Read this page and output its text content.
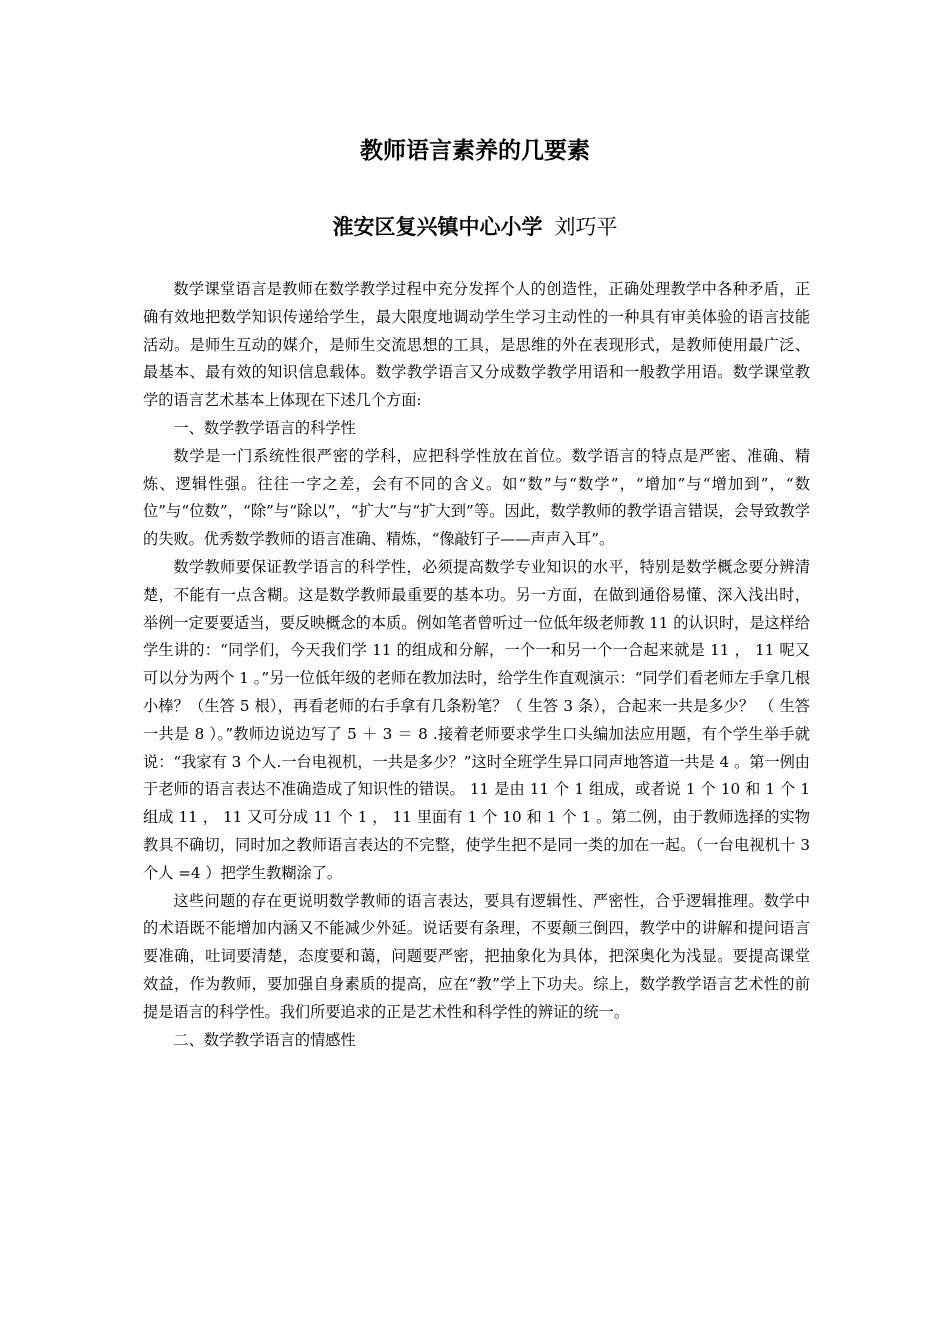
教师语言素养的几要素
淮安区复兴镇中心小学 刘巧平

数学课堂语言是教师在数学教学过程中充分发挥个人的创造性，正确处理教学中各种矛盾，正确有效地把数学知识传递给学生，最大限度地调动学生学习主动性的一种具有审美体验的语言技能活动。是师生互动的媒介，是师生交流思想的工具，是思维的外在表现形式，是教师使用最广泛、最基本、最有效的知识信息载体。数学教学语言又分成数学教学用语和一般教学用语。数学课堂教学的语言艺术基本上体现在下述几个方面:

一、数学教学语言的科学性

数学是一门系统性很严密的学科，应把科学性放在首位。数学语言的特点是严密、准确、精炼、逻辑性强。往往一字之差，会有不同的含义。如“数”与“数学”，“增加”与“增加到”，“数位”与“位数”，“除”与“除以”，“扩大”与“扩大到”等。因此，数学教师的教学语言错误，会导致教学的失败。优秀数学教师的语言准确、精炼，“像敲钉子——声声入耳”。

数学教师要保证教学语言的科学性，必须提高数学专业知识的水平，特别是数学概念要分辨清楚，不能有一点含糊。这是数学教师最重要的基本功。另一方面，在做到通俗易懂、深入浅出时，举例一定要要适当，要反映概念的本质。例如笔者曾听过一位低年级老师教 11 的认识时，是这样给学生讲的：“同学们，今天我们学 11 的组成和分解，一个一和另一个一合起来就是 11 ， 11 呢又可以分为两个 1 。”另一位低年级的老师在教加法时，给学生作直观演示：“同学们看老师左手拿几根小棒？（生答 5 根），再看老师的右手拿有几条粉笔？（ 生答 3 条），合起来一共是多少？ （ 生答一共是 8 ）。”教师边说边写了 5 ＋ 3 ＝ 8 .接着老师要求学生口头编加法应用题，有个学生举手就说：“我家有 3 个人.一台电视机，一共是多少？”这时全班学生异口同声地答道一共是 4 。第一例由于老师的语言表达不准确造成了知识性的错误。 11 是由 11 个 1 组成，或者说 1 个 10 和 1 个 1 组成 11 ， 11 又可分成 11 个 1 ， 11 里面有 1 个 10 和 1 个 1 。第二例，由于教师选择的实物教具不确切，同时加之教师语言表达的不完整，使学生把不是同一类的加在一起。（一台电视机十 3 个人 =4 ）把学生教糊涂了。

这些问题的存在更说明数学教师的语言表达，要具有逻辑性、严密性，合乎逻辑推理。数学中的术语既不能增加内涵又不能减少外延。说话要有条理，不要颠三倒四，教学中的讲解和提问语言要准确，吐词要清楚，态度要和蔼，问题要严密，把抽象化为具体，把深奥化为浅显。要提高课堂效益，作为教师，要加强自身素质的提高，应在“教”学上下功夫。综上，数学教学语言艺术性的前提是语言的科学性。我们所要追求的正是艺术性和科学性的辨证的统一。

二、数学教学语言的情感性
